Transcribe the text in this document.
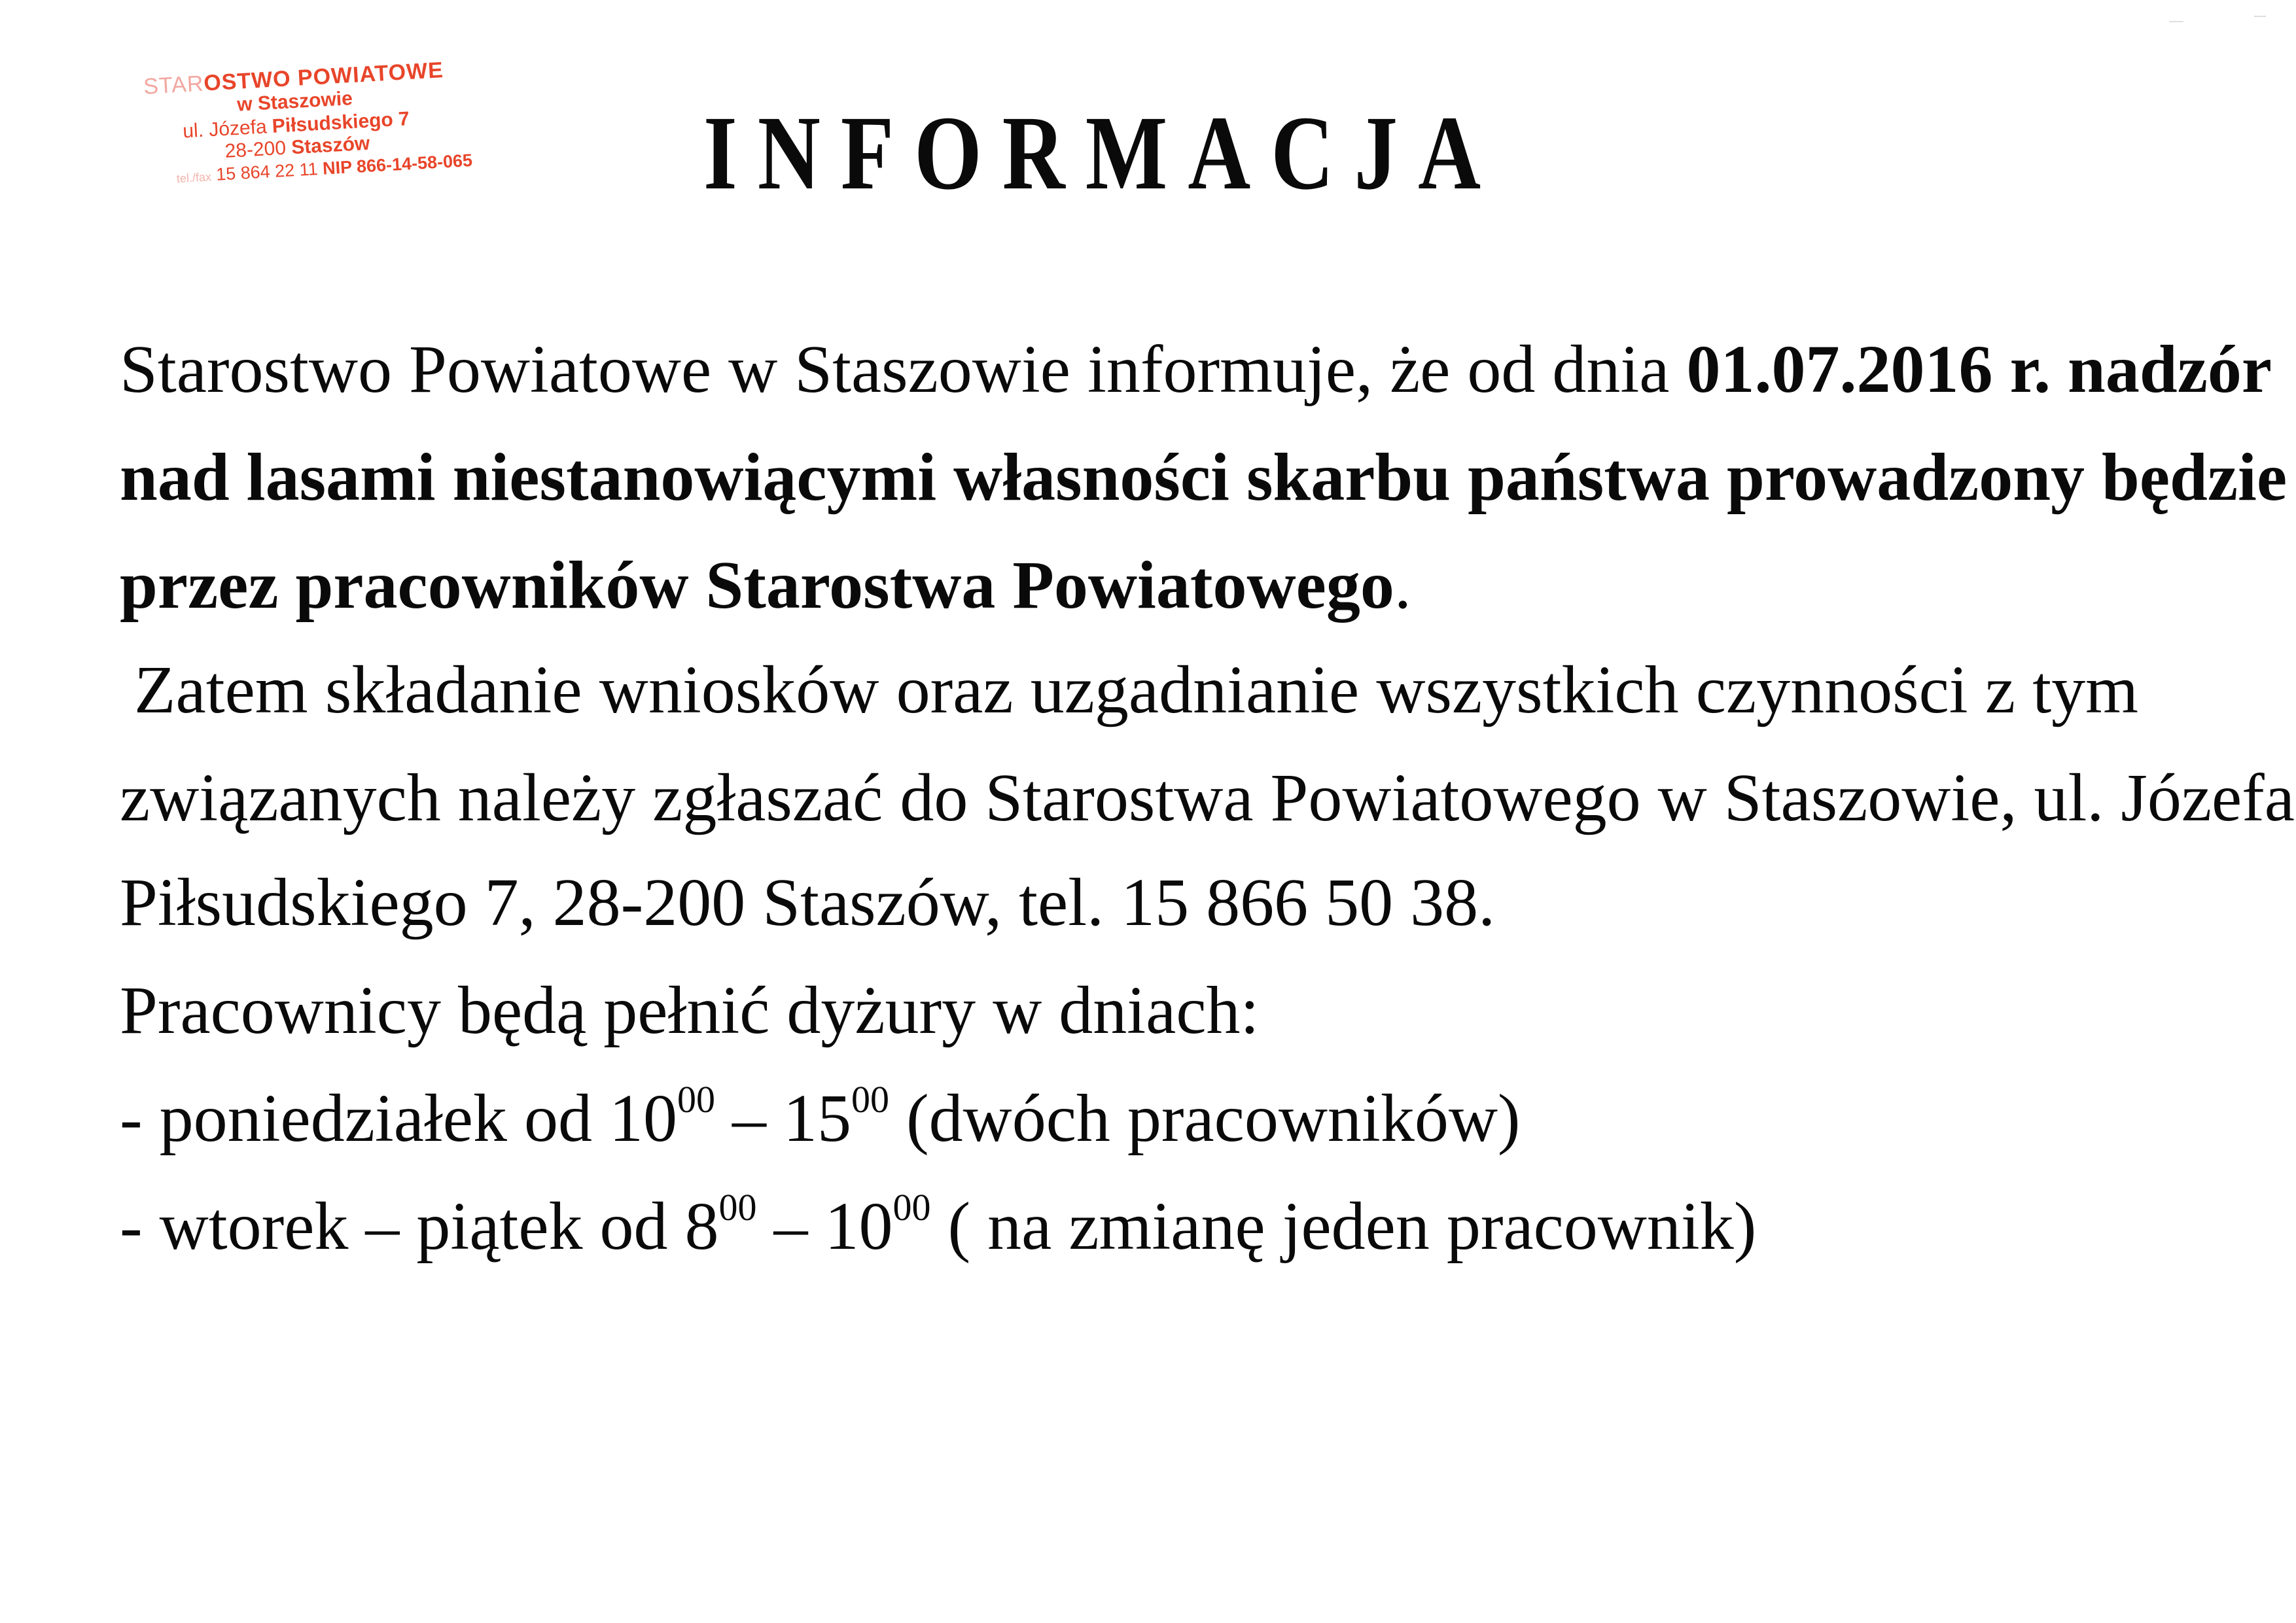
STAROSTWO POWIATOWE
w Staszowie
ul. Józefa Piłsudskiego 7
28-200 Staszów
tel./fax 15 864 22 11 NIP 866-14-58-065 INFORMACJA
Starostwo Powiatowe w Staszowie informuje, że od dnia 01.07.2016 r. nadzór
nad lasami niestanowiącymi własności skarbu państwa prowadzony będzie
przez pracowników Starostwa Powiatowego.
Zatem składanie wniosków oraz uzgadnianie wszystkich czynności z tym
związanych należy zgłaszać do Starostwa Powiatowego w Staszowie, ul. Józefa
Piłsudskiego 7, 28-200 Staszów, tel. 15 866 50 38.
Pracownicy będą pełnić dyżury w dniach:
- poniedziałek od $10^{00} - 15^{00}$ (dwóch pracowników)
- wtorek – piątek od $8^{00} - 10^{00}$ ( na zmianę jeden pracownik)
